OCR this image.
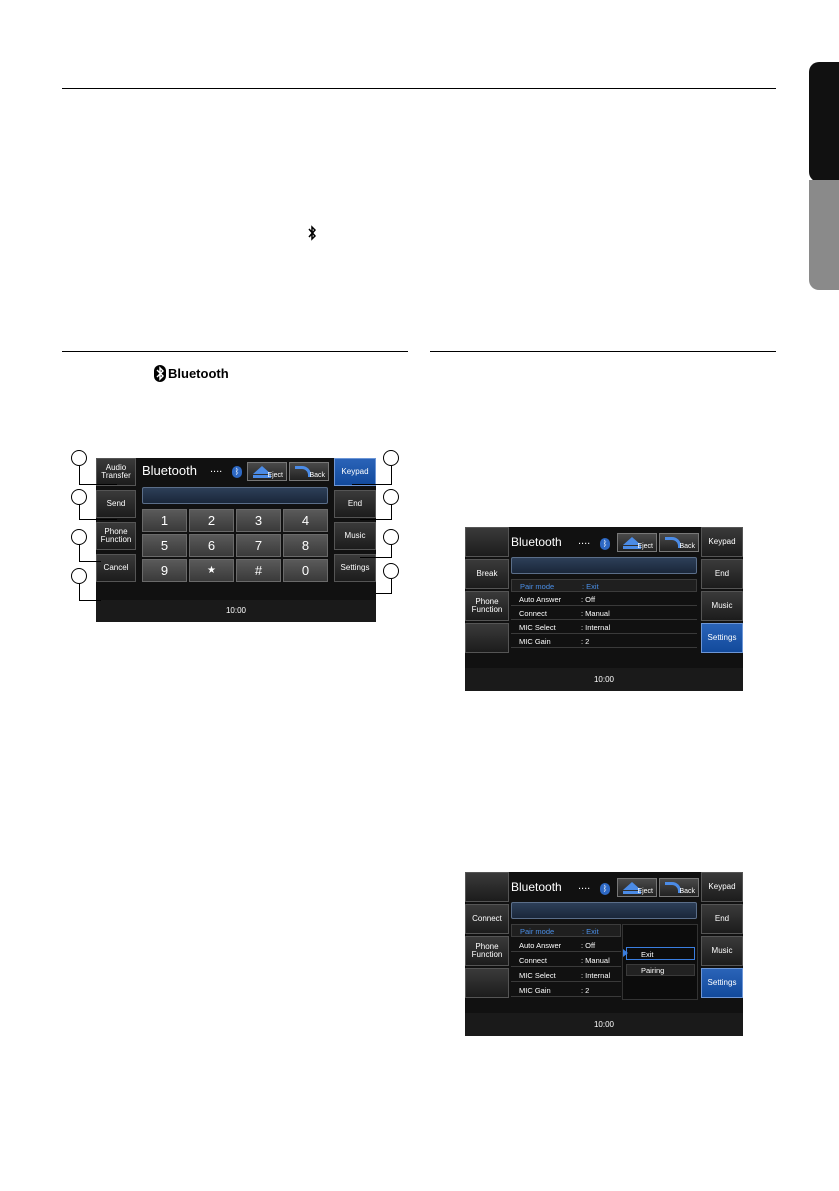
Bluetooth
Audio Transfer
Send
Phone Function
Cancel
Bluetooth ....	ᛒ	Eject	Back	Keypad
End
Music
Settings
1	2	3	4
5	6	7	8
9	★	#	0
10:00
Break
Phone Function
Bluetooth ....	ᛒ	Eject	Back
Keypad
End
Music
Settings
Pair mode	: Exit
Auto Answer	: Off
Connect	: Manual
MIC Select	: Internal
MIC Gain	: 2
10:00
Connect
Phone Function
Bluetooth ....	ᛒ	Eject	Back
Keypad
End
Music
Settings
Pair mode	: Exit
Auto Answer	: Off
Connect	: Manual
MIC Select	: Internal
MIC Gain	: 2
Exit
Pairing
10:00
